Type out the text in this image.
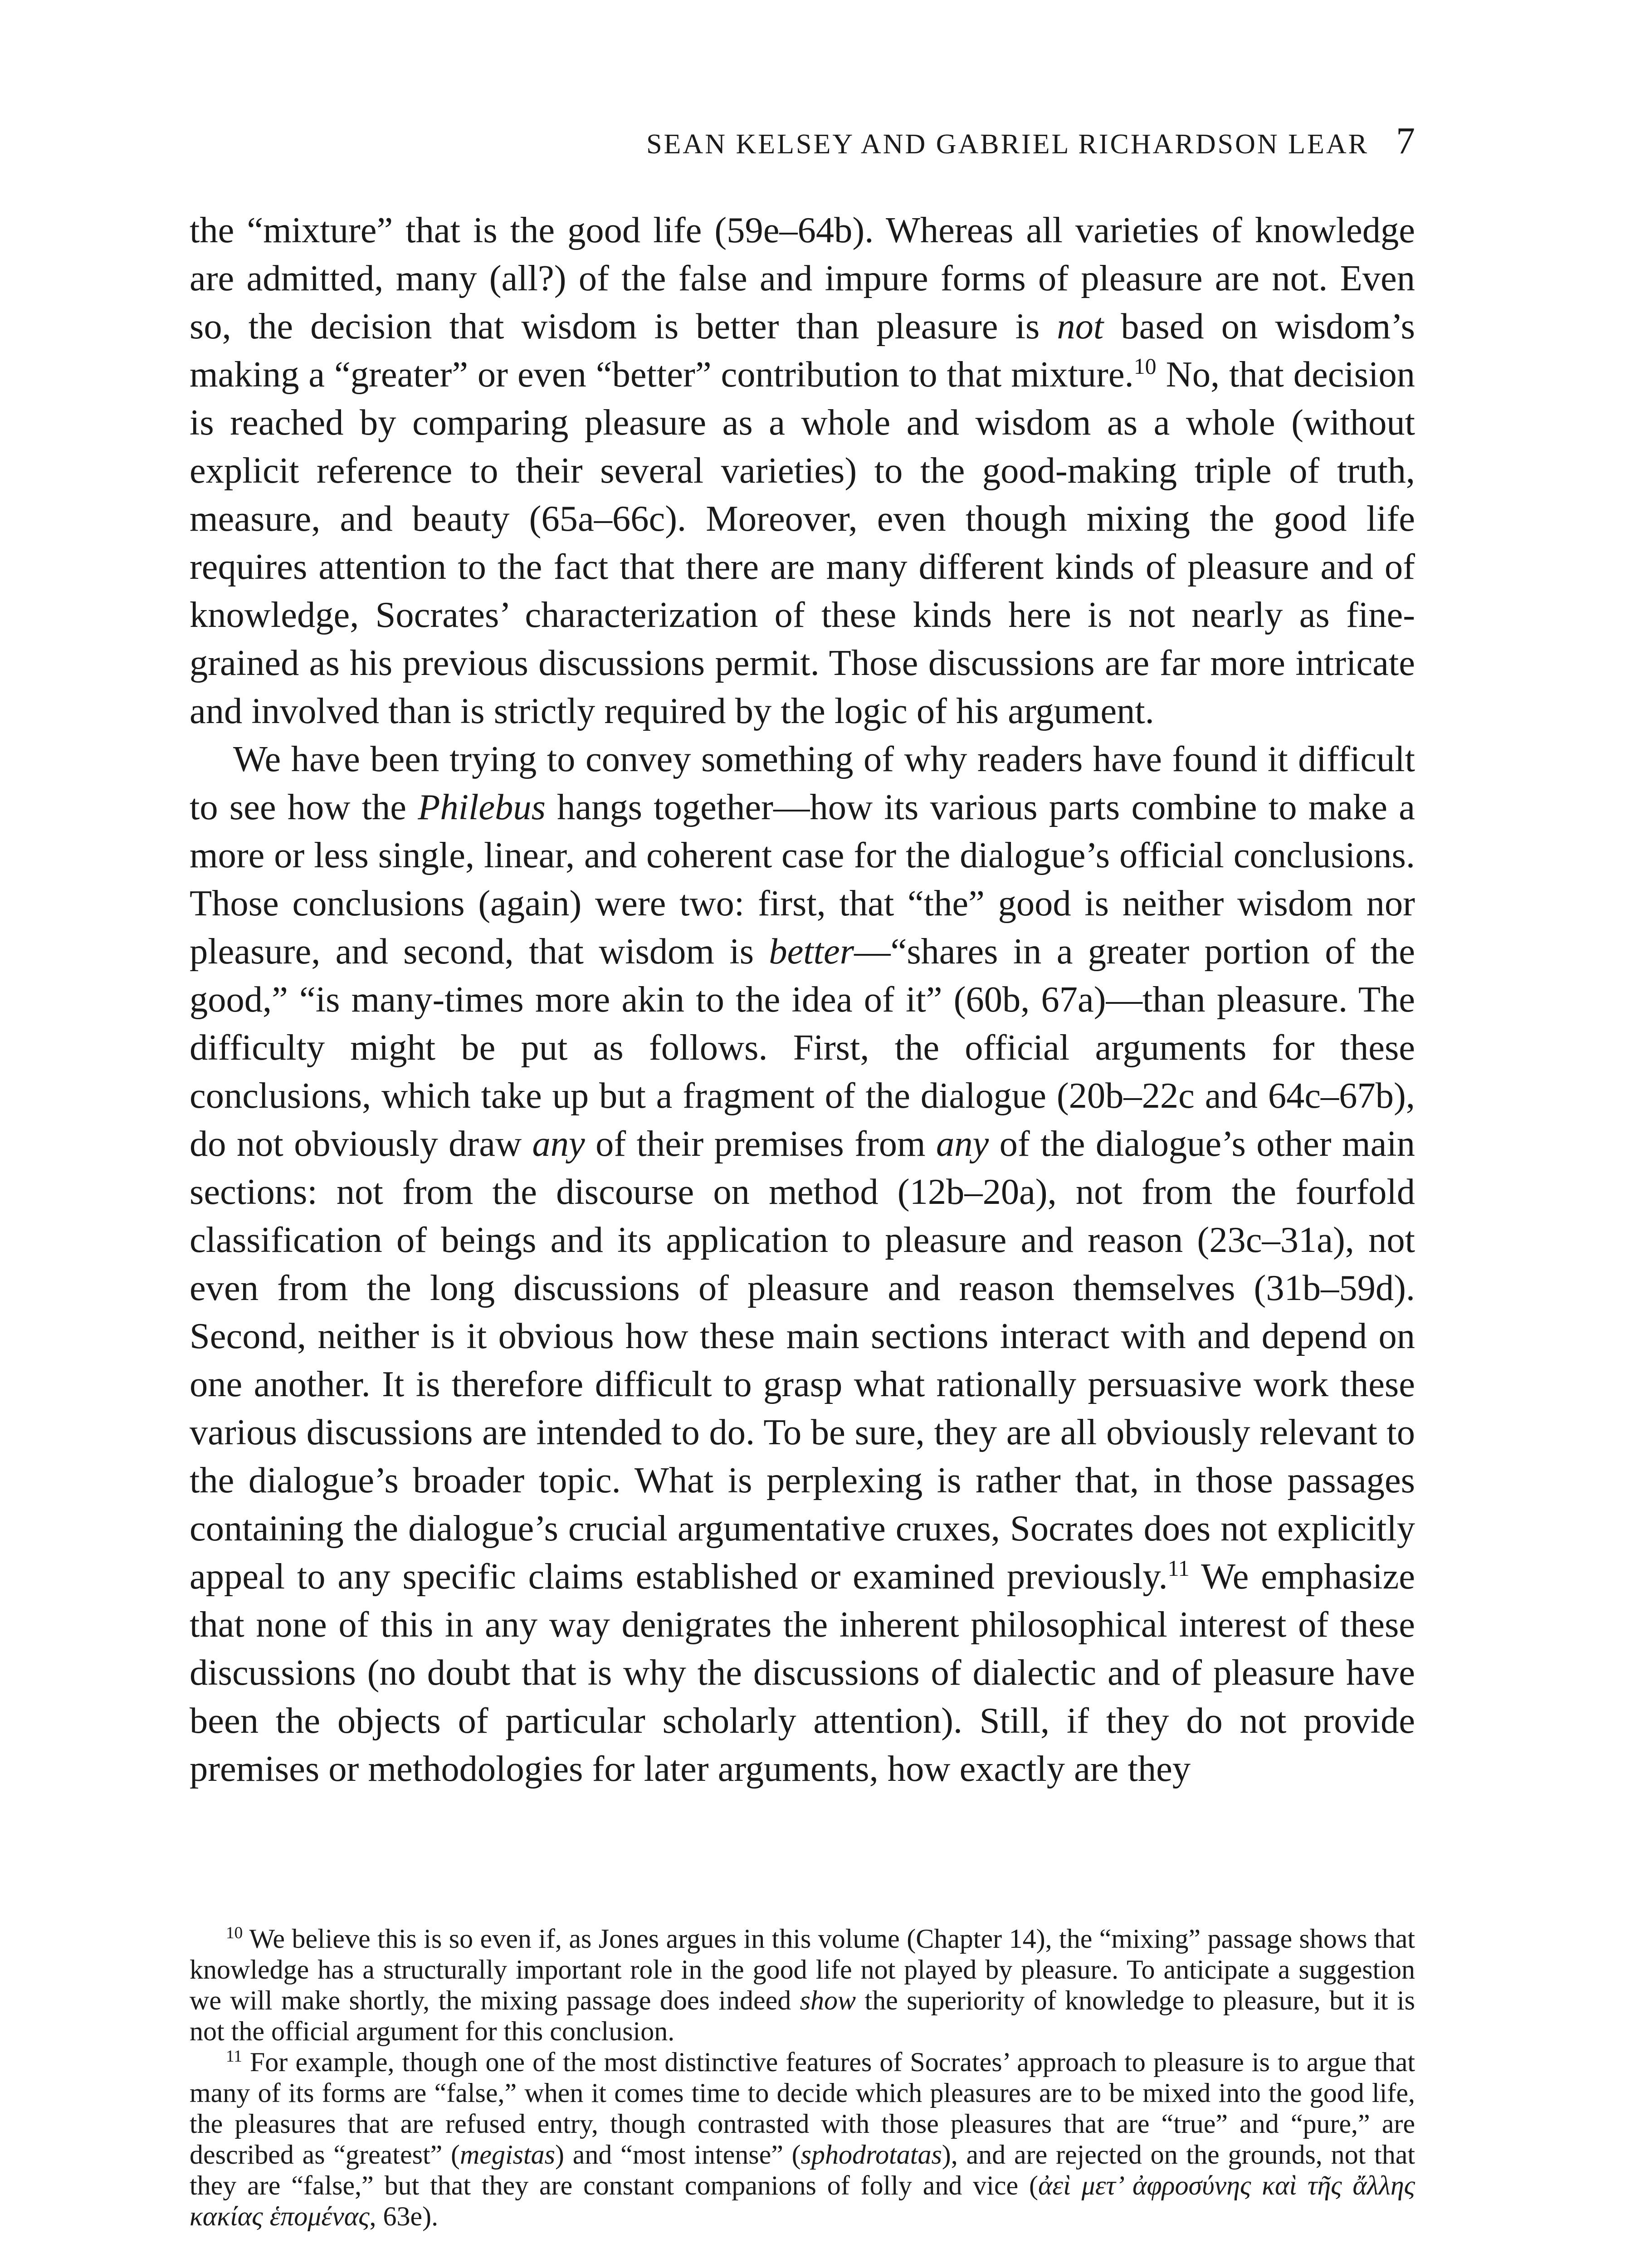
SEAN KELSEY AND GABRIEL RICHARDSON LEAR 7

the “mixture” that is the good life (59e–64b). Whereas all varieties of knowledge are admitted, many (all?) of the false and impure forms of pleasure are not. Even so, the decision that wisdom is better than pleasure is not based on wisdom’s making a “greater” or even “better” contribution to that mixture.$^{10}$ No, that decision is reached by comparing pleasure as a whole and wisdom as a whole (without explicit reference to their several varieties) to the good-making triple of truth, measure, and beauty (65a–66c). Moreover, even though mixing the good life requires attention to the fact that there are many different kinds of pleasure and of knowledge, Socrates’ characterization of these kinds here is not nearly as fine-grained as his previous discussions permit. Those discussions are far more intricate and involved than is strictly required by the logic of his argument.

We have been trying to convey something of why readers have found it difficult to see how the Philebus hangs together—how its various parts combine to make a more or less single, linear, and coherent case for the dialogue’s official conclusions. Those conclusions (again) were two: first, that “the” good is neither wisdom nor pleasure, and second, that wisdom is better—“shares in a greater portion of the good,” “is many-times more akin to the idea of it” (60b, 67a)—than pleasure. The difficulty might be put as follows. First, the official arguments for these conclusions, which take up but a fragment of the dialogue (20b–22c and 64c–67b), do not obviously draw any of their premises from any of the dialogue’s other main sections: not from the discourse on method (12b–20a), not from the fourfold classification of beings and its application to pleasure and reason (23c–31a), not even from the long discussions of pleasure and reason themselves (31b–59d). Second, neither is it obvious how these main sections interact with and depend on one another. It is therefore difficult to grasp what rationally persuasive work these various discussions are intended to do. To be sure, they are all obviously relevant to the dialogue’s broader topic. What is perplexing is rather that, in those passages containing the dialogue’s crucial argumentative cruxes, Socrates does not explicitly appeal to any specific claims established or examined previously.$^{11}$ We emphasize that none of this in any way denigrates the inherent philosophical interest of these discussions (no doubt that is why the discussions of dialectic and of pleasure have been the objects of particular scholarly attention). Still, if they do not provide premises or methodologies for later arguments, how exactly are they

$^{10}$ We believe this is so even if, as Jones argues in this volume (Chapter 14), the “mixing” passage shows that knowledge has a structurally important role in the good life not played by pleasure. To anticipate a suggestion we will make shortly, the mixing passage does indeed show the superiority of knowledge to pleasure, but it is not the official argument for this conclusion.

$^{11}$ For example, though one of the most distinctive features of Socrates’ approach to pleasure is to argue that many of its forms are “false,” when it comes time to decide which pleasures are to be mixed into the good life, the pleasures that are refused entry, though contrasted with those pleasures that are “true” and “pure,” are described as “greatest” (megistas) and “most intense” (sphodrotatas), and are rejected on the grounds, not that they are “false,” but that they are constant companions of folly and vice (ἀεὶ μετ’ ἀφροσύνης καὶ τῆς ἄλλης κακίας ἑπομένας, 63e).
